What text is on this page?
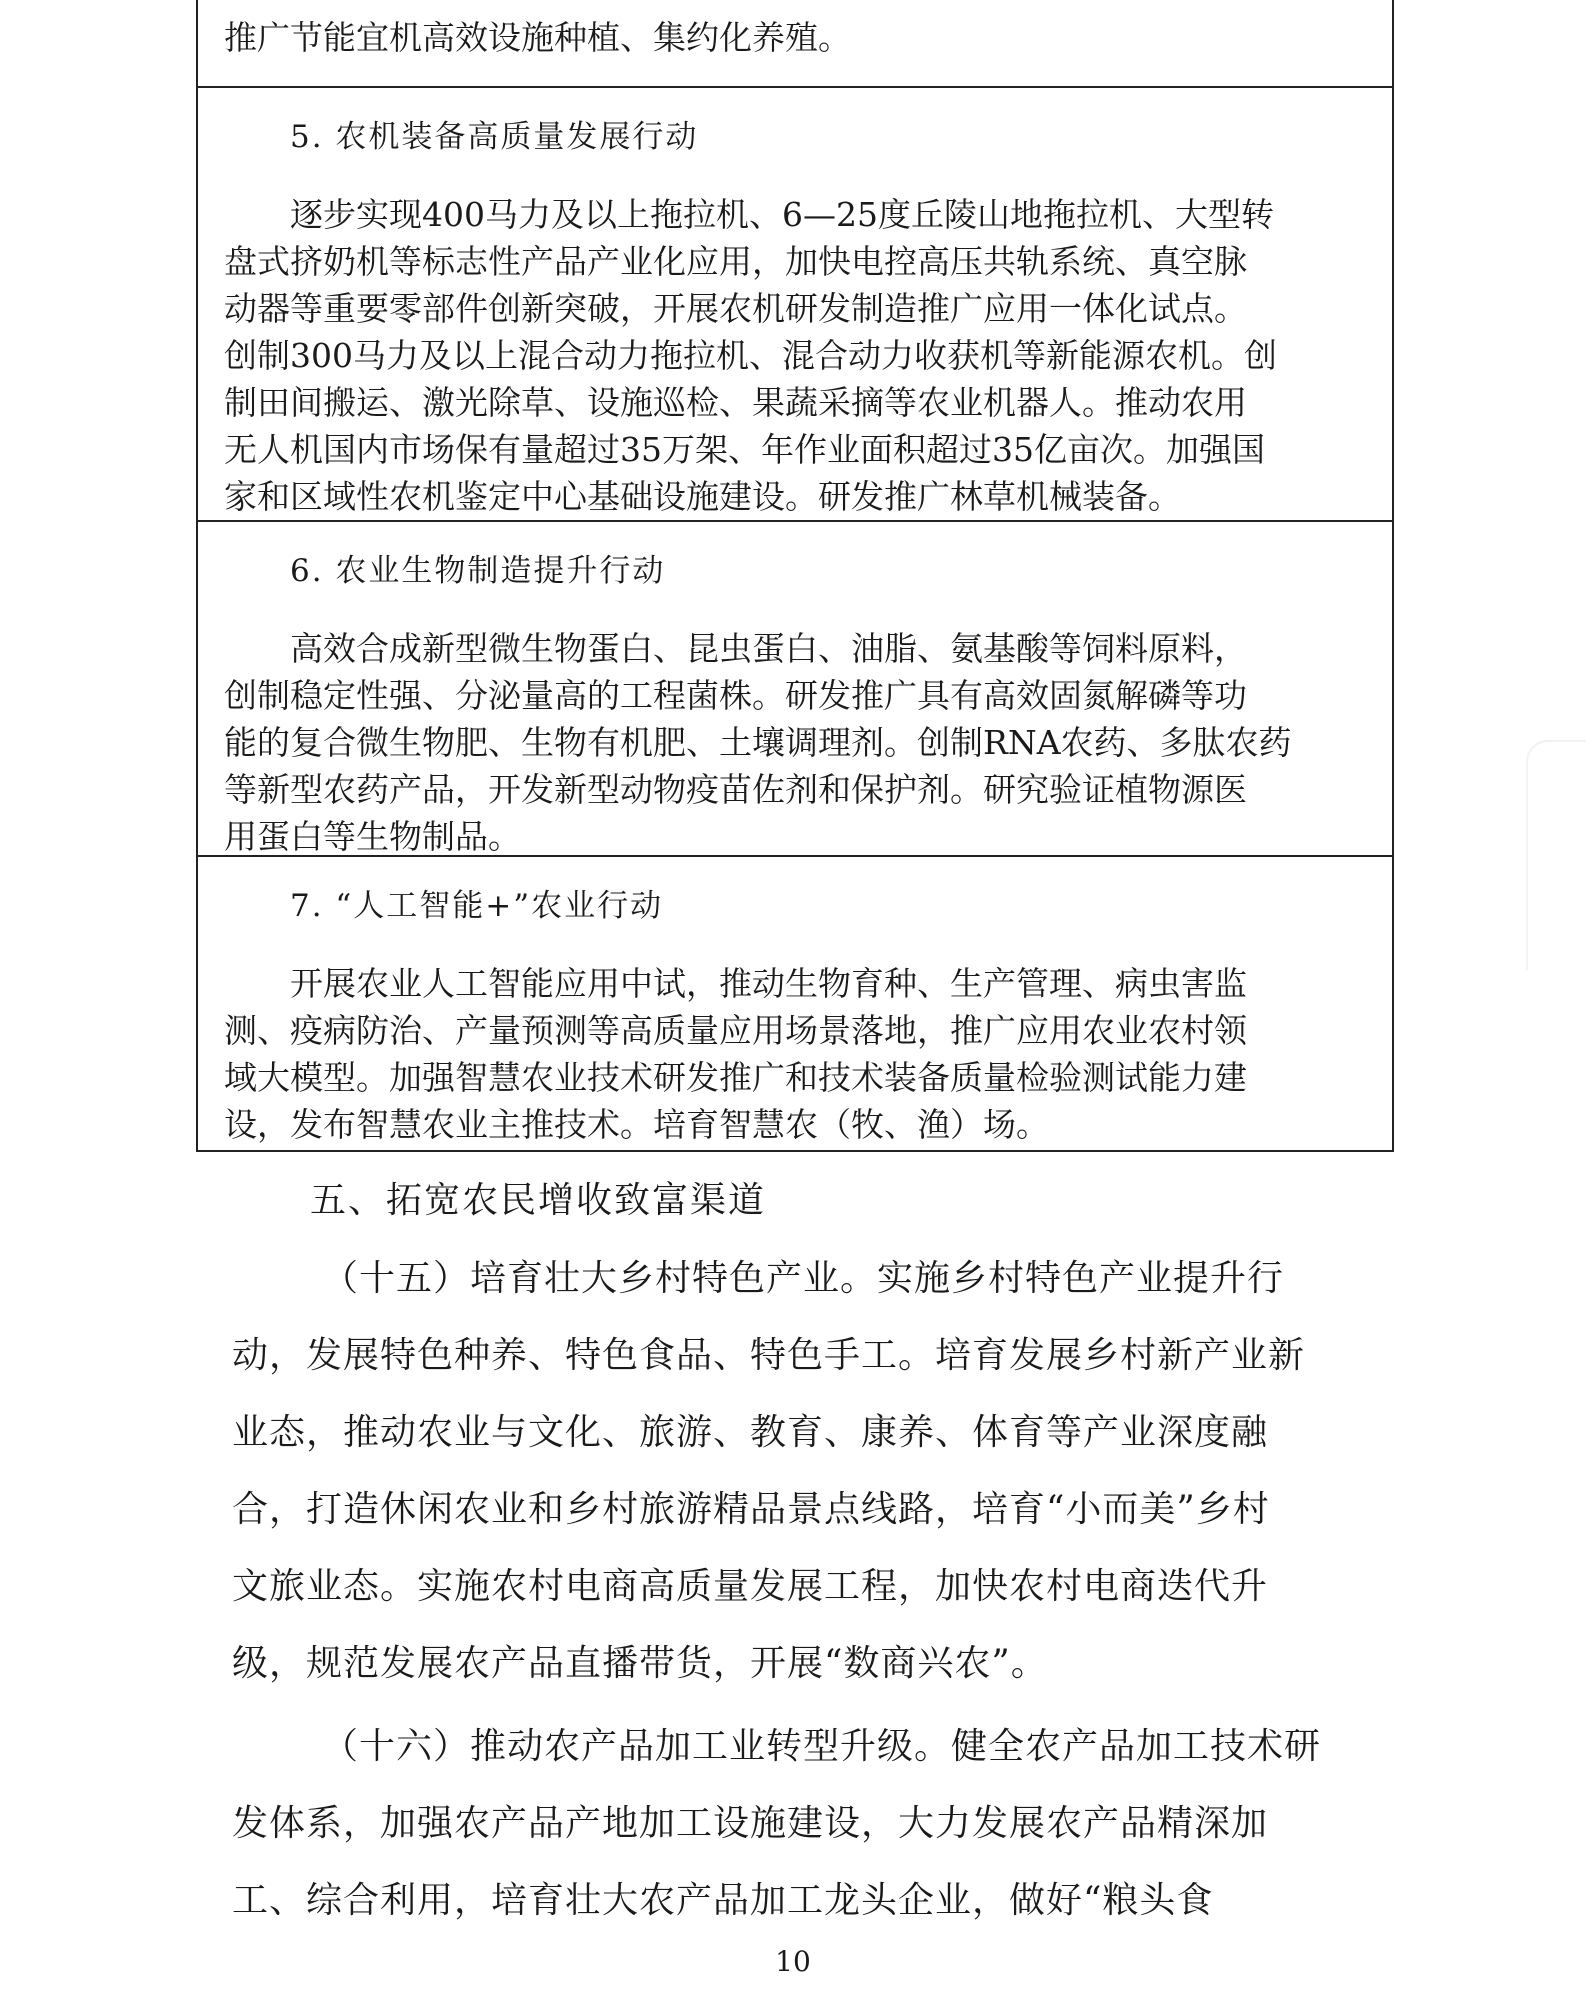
推广节能宜机高效设施种植、集约化养殖。

5. 农机装备高质量发展行动

逐步实现400马力及以上拖拉机、6—25度丘陵山地拖拉机、大型转

盘式挤奶机等标志性产品产业化应用，加快电控高压共轨系统、真空脉

动器等重要零部件创新突破，开展农机研发制造推广应用一体化试点。

创制300马力及以上混合动力拖拉机、混合动力收获机等新能源农机。创

制田间搬运、激光除草、设施巡检、果蔬采摘等农业机器人。推动农用

无人机国内市场保有量超过35万架、年作业面积超过35亿亩次。加强国

家和区域性农机鉴定中心基础设施建设。研发推广林草机械装备。

6. 农业生物制造提升行动

高效合成新型微生物蛋白、昆虫蛋白、油脂、氨基酸等饲料原料，

创制稳定性强、分泌量高的工程菌株。研发推广具有高效固氮解磷等功

能的复合微生物肥、生物有机肥、土壤调理剂。创制RNA农药、多肽农药

等新型农药产品，开发新型动物疫苗佐剂和保护剂。研究验证植物源医

用蛋白等生物制品。

7. “人工智能+”农业行动

开展农业人工智能应用中试，推动生物育种、生产管理、病虫害监

测、疫病防治、产量预测等高质量应用场景落地，推广应用农业农村领

域大模型。加强智慧农业技术研发推广和技术装备质量检验测试能力建

设，发布智慧农业主推技术。培育智慧农（牧、渔）场。

五、拓宽农民增收致富渠道

（十五）培育壮大乡村特色产业。实施乡村特色产业提升行

动，发展特色种养、特色食品、特色手工。培育发展乡村新产业新

业态，推动农业与文化、旅游、教育、康养、体育等产业深度融

合，打造休闲农业和乡村旅游精品景点线路，培育“小而美”乡村

文旅业态。实施农村电商高质量发展工程，加快农村电商迭代升

级，规范发展农产品直播带货，开展“数商兴农”。

（十六）推动农产品加工业转型升级。健全农产品加工技术研

发体系，加强农产品产地加工设施建设，大力发展农产品精深加

工、综合利用，培育壮大农产品加工龙头企业，做好“粮头食

10
